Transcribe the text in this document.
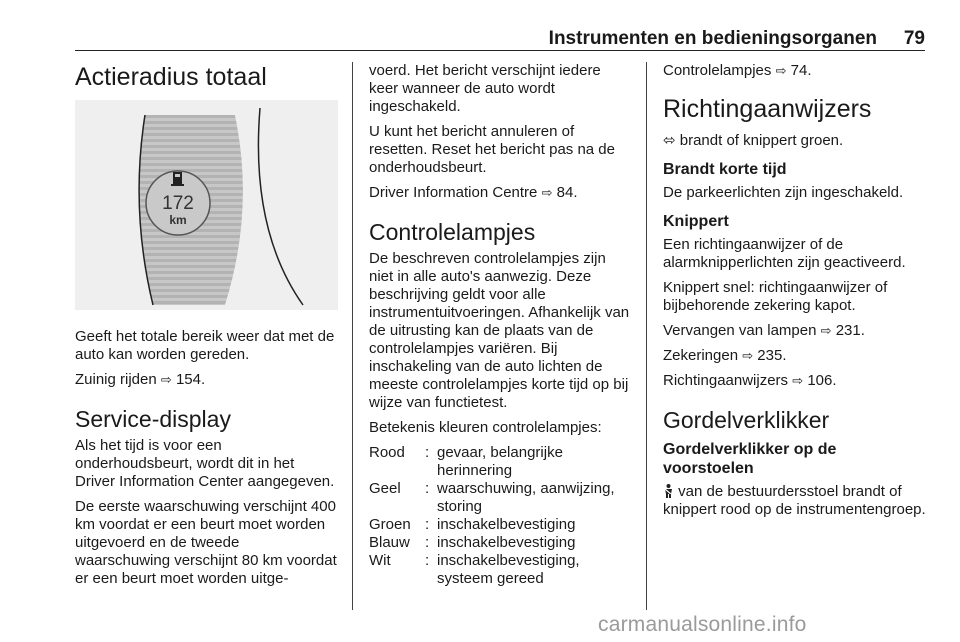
Instrumenten en bedieningsorganen 79
Actieradius totaal
172
km

Geeft het totale bereik weer dat met de auto kan worden gereden.

Zuinig rijden ⇨ 154.

Service-display

Als het tijd is voor een onderhoudsbeurt, wordt dit in het Driver Information Center aangegeven.

De eerste waarschuwing verschijnt 400 km voordat er een beurt moet worden uitgevoerd en de tweede waarschuwing verschijnt 80 km voordat er een beurt moet worden uitge-

voerd. Het bericht verschijnt iedere keer wanneer de auto wordt ingeschakeld.

U kunt het bericht annuleren of resetten. Reset het bericht pas na de onderhoudsbeurt.

Driver Information Centre ⇨ 84.

Controlelampjes

De beschreven controlelampjes zijn niet in alle auto's aanwezig. Deze beschrijving geldt voor alle instrumentuitvoeringen. Afhankelijk van de uitrusting kan de plaats van de controlelampjes variëren. Bij inschakeling van de auto lichten de meeste controlelampjes korte tijd op bij wijze van functietest.

Betekenis kleuren controlelampjes:

Rood	: gevaar, belangrijke herinnering
Geel	: waarschuwing, aanwijzing, storing
Groen : inschakelbevestiging
Blauw	: inschakelbevestiging
Wit	: inschakelbevestiging, systeem gereed

Controlelampjes ⇨ 74.

Richtingaanwijzers

⬄ brandt of knippert groen.

Brandt korte tijd

De parkeerlichten zijn ingeschakeld.

Knippert

Een richtingaanwijzer of de alarmknipperlichten zijn geactiveerd.

Knippert snel: richtingaanwijzer of bijbehorende zekering kapot.

Vervangen van lampen ⇨ 231.

Zekeringen ⇨ 235.

Richtingaanwijzers ⇨ 106.

Gordelverklikker
Gordelverklikker op de voorstoelen

van de bestuurdersstoel brandt of knippert rood op de instrumentengroep.

carmanualsonline.info
